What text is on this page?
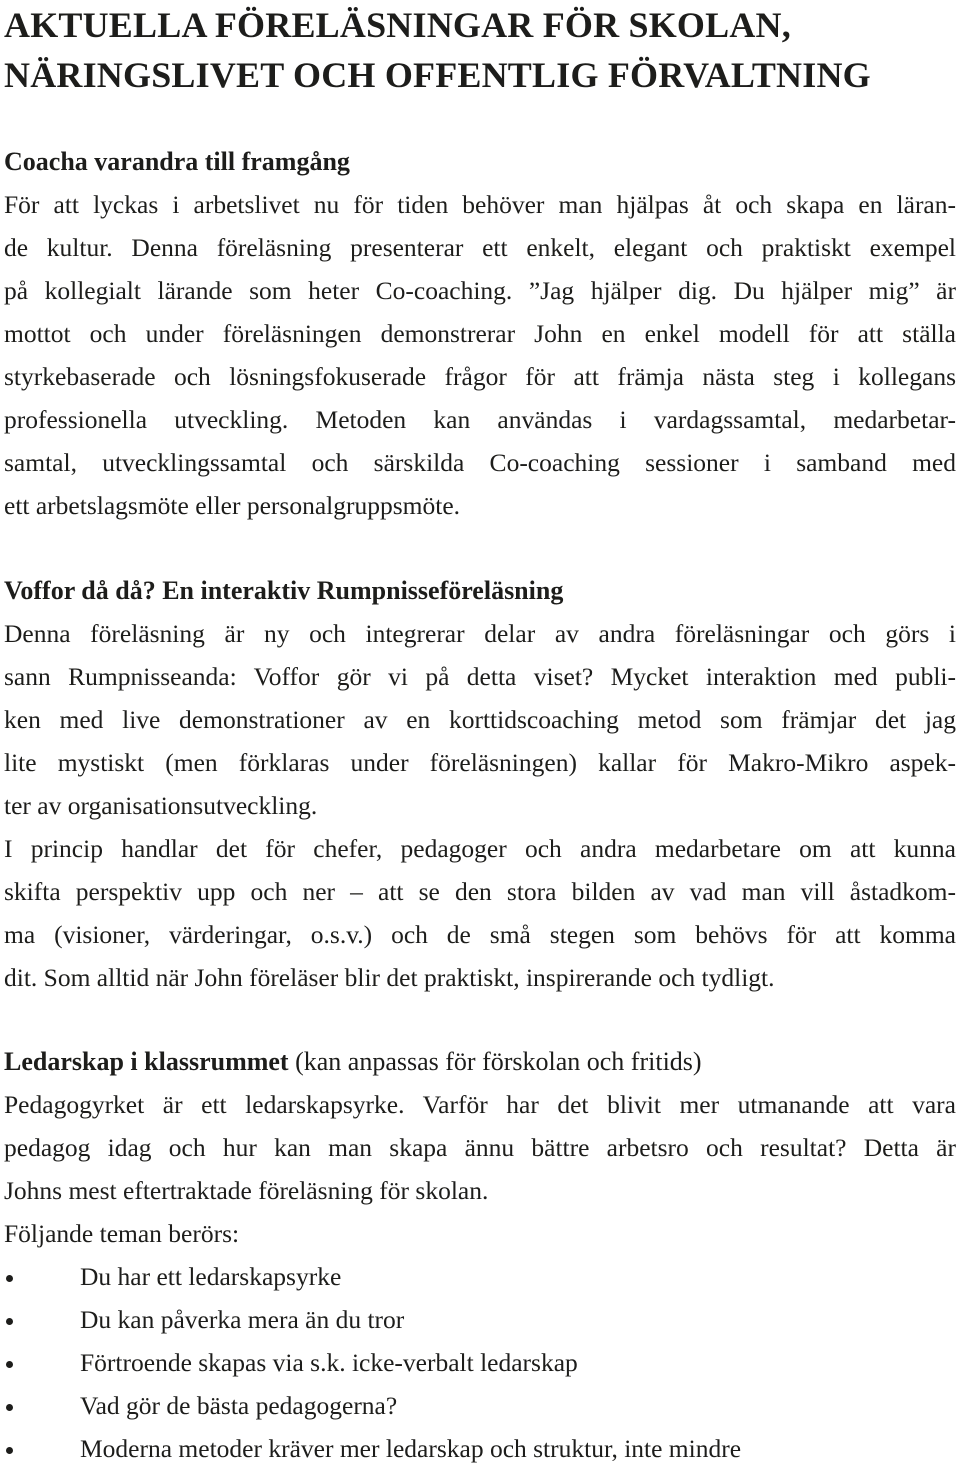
AKTUELLA FÖRELÄSNINGAR FÖR SKOLAN,
NÄRINGSLIVET OCH OFFENTLIG FÖRVALTNING
Coacha varandra till framgång

För att lyckas i arbetslivet nu för tiden behöver man hjälpas åt och skapa en läran-
de kultur. Denna föreläsning presenterar ett enkelt, elegant och praktiskt exempel
på kollegialt lärande som heter Co-coaching. ”Jag hjälper dig. Du hjälper mig” är
mottot och under föreläsningen demonstrerar John en enkel modell för att ställa
styrkebaserade och lösningsfokuserade frågor för att främja nästa steg i kollegans
professionella utveckling. Metoden kan användas i vardagssamtal, medarbetar-
samtal, utvecklingssamtal och särskilda Co-coaching sessioner i samband med
ett arbetslagsmöte eller personalgruppsmöte.

Voffor då då? En interaktiv Rumpnisseföreläsning

Denna föreläsning är ny och integrerar delar av andra föreläsningar och görs i
sann Rumpnisseanda: Voffor gör vi på detta viset? Mycket interaktion med publi-
ken med live demonstrationer av en korttidscoaching metod som främjar det jag
lite mystiskt (men förklaras under föreläsningen) kallar för Makro-Mikro aspek-
ter av organisationsutveckling.
I princip handlar det för chefer, pedagoger och andra medarbetare om att kunna
skifta perspektiv upp och ner – att se den stora bilden av vad man vill åstadkom-
ma (visioner, värderingar, o.s.v.) och de små stegen som behövs för att komma
dit. Som alltid när John föreläser blir det praktiskt, inspirerande och tydligt.

Ledarskap i klassrummet (kan anpassas för förskolan och fritids)

Pedagogyrket är ett ledarskapsyrke. Varför har det blivit mer utmanande att vara
pedagog idag och hur kan man skapa ännu bättre arbetsro och resultat? Detta är
Johns mest eftertraktade föreläsning för skolan.
Följande teman berörs:

Du har ett ledarskapsyrke
Du kan påverka mera än du tror
Förtroende skapas via s.k. icke-verbalt ledarskap
Vad gör de bästa pedagogerna?
Moderna metoder kräver mer ledarskap och struktur, inte mindre
